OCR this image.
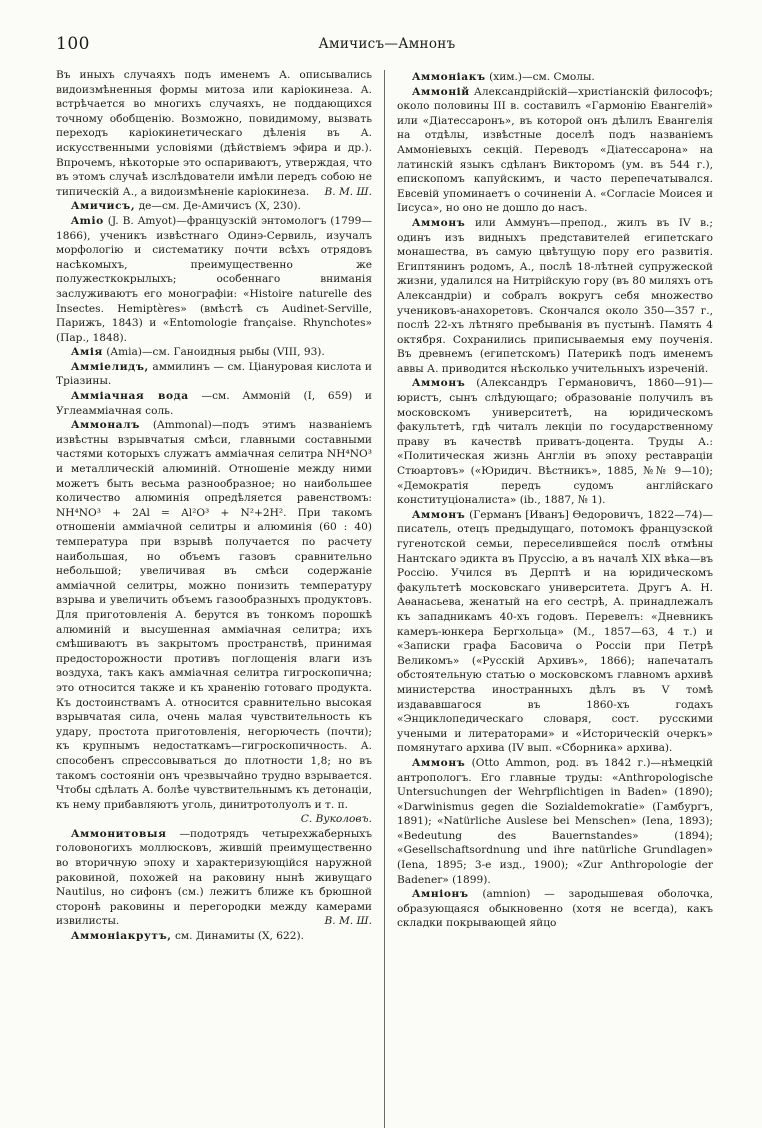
100	Амичисъ—Амнонъ

Въ иныхъ случаяхъ подъ именемъ А. описывались видоизмѣненныя формы митоза или каріокинеза. А. встрѣчается во многихъ случаяхъ, не поддающихся точному обобщенію. Возможно, повидимому, вызвать переходъ каріокинетическаго дѣленія въ А. искусственными условіями (дѣйствіемъ эфира и др.). Впрочемъ, нѣкоторые это оспариваютъ, утверждая, что въ этомъ случаѣ изслѣдователи имѣли передъ собою не типическій А., а видоизмѣненіе каріокинеза. В. М. Ш.

Амичисъ, де—см. Де-Амичисъ (X, 230).

Amio (J. B. Amyot)—французскій энтомологъ (1799—1866), ученикъ извѣстнаго Одинэ-Сервиль, изучалъ морфологію и систематику почти всѣхъ отрядовъ насѣкомыхъ, преимущественно же полужесткокрылыхъ; особеннаго вниманія заслуживаютъ его монографіи: «Histoire naturelle des Insectes. Hemiptères» (вмѣстѣ съ Audinet-Serville, Парижъ, 1843) и «Entomologie française. Rhynchotes» (Пар., 1848).

Амія (Amia)—см. Ганоидныя рыбы (VIII, 93).

Амміелидъ, аммилинъ — см. Ціануровая кислота и Тріазины.

Амміачная вода —см. Аммоній (I, 659) и Углеамміачная соль.

Аммоналъ (Ammonal)—подъ этимъ названіемъ извѣстны взрывчатыя смѣси, главными составными частями которыхъ служатъ амміачная селитра NH⁴NO³ и металлическій алюминій. Отношеніе между ними можетъ быть весьма разнообразное; но наибольшее количество алюминія опредѣляется равенствомъ: NH⁴NO³ + 2Al = Al²O³ + N²+2H². При такомъ отношеніи амміачной селитры и алюминія (60 : 40) температура при взрывѣ получается по расчету наибольшая, но объемъ газовъ сравнительно небольшой; увеличивая въ смѣси содержаніе амміачной селитры, можно понизить температуру взрыва и увеличить объемъ газообразныхъ продуктовъ. Для приготовленія А. берутся въ тонкомъ порошкѣ алюминій и высушенная амміачная селитра; ихъ смѣшиваютъ въ закрытомъ пространствѣ, принимая предосторожности противъ поглощенія влаги изъ воздуха, такъ какъ амміачная селитра гигроскопична; это относится также и къ храненію готоваго продукта. Къ достоинствамъ А. относится сравнительно высокая взрывчатая сила, очень малая чувствительность къ удару, простота приготовленія, негорючесть (почти); къ крупнымъ недостаткамъ—гигроскопичность. А. способенъ спрессовываться до плотности 1,8; но въ такомъ состояніи онъ чрезвычайно трудно взрывается. Чтобы сдѣлать А. болѣе чувствительнымъ къ детонаціи, къ нему прибавляютъ уголь, динитротолуолъ и т. п.
С. Вуколовъ.

Аммонитовыя —подотрядъ четырехжаберныхъ головоногихъ моллюсковъ, жившій преимущественно во вторичную эпоху и характеризующійся наружной раковиной, похожей на раковину нынѣ живущаго Nautilus, но сифонъ (см.) лежитъ ближе къ брюшной сторонѣ раковины и перегородки между камерами извилисты.	В. М. Ш.

Аммоніакрутъ, см. Динамиты (X, 622).

Аммоніакъ (хим.)—см. Смолы.

Аммоній Александрійскій—христіанскій философъ; около половины III в. составилъ «Гармонію Евангелій» или «Діатессаронъ», въ которой онъ дѣлилъ Евангелія на отдѣлы, извѣстные доселѣ подъ названіемъ Аммоніевыхъ секцій. Переводъ «Діатессарона» на латинскій языкъ сдѣланъ Викторомъ (ум. въ 544 г.), епископомъ капуйскимъ, и часто перепечатывался. Евсевій упоминаетъ о сочиненіи А. «Согласіе Моисея и Іисуса», но оно не дошло до насъ.

Аммонъ или Аммунъ—препод., жилъ въ IV в.; одинъ изъ видныхъ представителей египетскаго монашества, въ самую цвѣтущую пору его развитія. Египтянинъ родомъ, А., послѣ 18-лѣтней супружеской жизни, удалился на Нитрійскую гору (въ 80 миляхъ отъ Александріи) и собралъ вокругъ себя множество учениковъ-анахоретовъ. Скончался около 350—357 г., послѣ 22-хъ лѣтняго пребыванія въ пустынѣ. Память 4 октября. Сохранились приписываемыя ему поученія. Въ древнемъ (египетскомъ) Патерикѣ подъ именемъ аввы А. приводится нѣсколько учительныхъ изреченій.

Аммонъ (Александръ Германовичъ, 1860—91)—юристъ, сынъ слѣдующаго; образованіе получилъ въ московскомъ университетѣ, на юридическомъ факультетѣ, гдѣ читалъ лекціи по государственному праву въ качествѣ приватъ-доцента. Труды А.: «Политическая жизнь Англіи въ эпоху реставраціи Стюартовъ» («Юридич. Вѣстникъ», 1885, №№ 9—10); «Демократія передъ судомъ англійскаго конституціоналиста» (ib., 1887, № 1).

Аммонъ (Германъ [Иванъ] Ѳедоровичъ, 1822—74)—писатель, отецъ предыдущаго, потомокъ французской гугенотской семьи, переселившейся послѣ отмѣны Нантскаго эдикта въ Пруссію, а въ началѣ XIX вѣка—въ Россію. Учился въ Дерптѣ и на юридическомъ факультетѣ московскаго университета. Другъ А. Н. Аѳанасьева, женатый на его сестрѣ, А. принадлежалъ къ западникамъ 40-хъ годовъ. Перевелъ: «Дневникъ камеръ-юнкера Бергхольца» (М., 1857—63, 4 т.) и «Записки графа Басовича о Россіи при Петрѣ Великомъ» («Русскій Архивъ», 1866); напечаталъ обстоятельную статью о московскомъ главномъ архивѣ министерства иностранныхъ дѣлъ въ V томѣ издававшагося въ 1860-хъ годахъ «Энциклопедическаго словаря, сост. русскими учеными и литераторами» и «Историческій очеркъ» помянутаго архива (IV вып. «Сборника» архива).

Аммонъ (Otto Ammon, род. въ 1842 г.)—нѣмецкій антропологъ. Его главные труды: «Anthropologische Untersuchungen der Wehrpflichtigen in Baden» (1890); «Darwinismus gegen die Sozialdemokratie» (Гамбургъ, 1891); «Natürliche Auslese bei Menschen» (Iena, 1893); «Bedeutung des Bauernstandes» (1894); «Gesellschaftsordnung und ihre natürliche Grundlagen» (Iena, 1895; 3-е изд., 1900); «Zur Anthropologie der Badener» (1899).

Амніонъ (amnion) — зародышевая оболочка, образующаяся обыкновенно (хотя не всегда), какъ складки покрывающей яйцо
